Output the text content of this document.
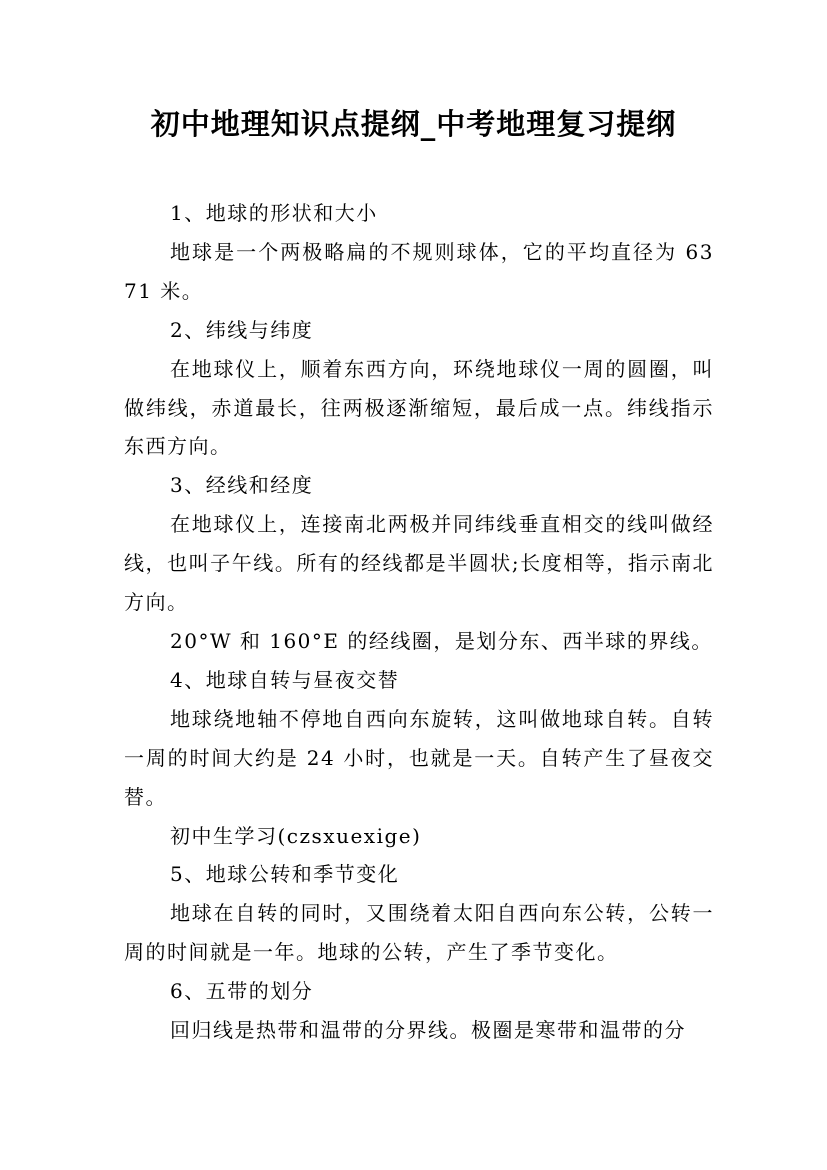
初中地理知识点提纲_中考地理复习提纲

1、地球的形状和大小

地球是一个两极略扁的不规则球体，它的平均直径为 6371 米。

2、纬线与纬度

在地球仪上，顺着东西方向，环绕地球仪一周的圆圈，叫做纬线，赤道最长，往两极逐渐缩短，最后成一点。纬线指示东西方向。

3、经线和经度

在地球仪上，连接南北两极并同纬线垂直相交的线叫做经线，也叫子午线。所有的经线都是半圆状;长度相等，指示南北方向。

20°W 和 160°E 的经线圈，是划分东、西半球的界线。

4、地球自转与昼夜交替

地球绕地轴不停地自西向东旋转，这叫做地球自转。自转一周的时间大约是 24 小时，也就是一天。自转产生了昼夜交替。

初中生学习(czsxuexige)

5、地球公转和季节变化

地球在自转的同时，又围绕着太阳自西向东公转，公转一周的时间就是一年。地球的公转，产生了季节变化。

6、五带的划分

回归线是热带和温带的分界线。极圈是寒带和温带的分
